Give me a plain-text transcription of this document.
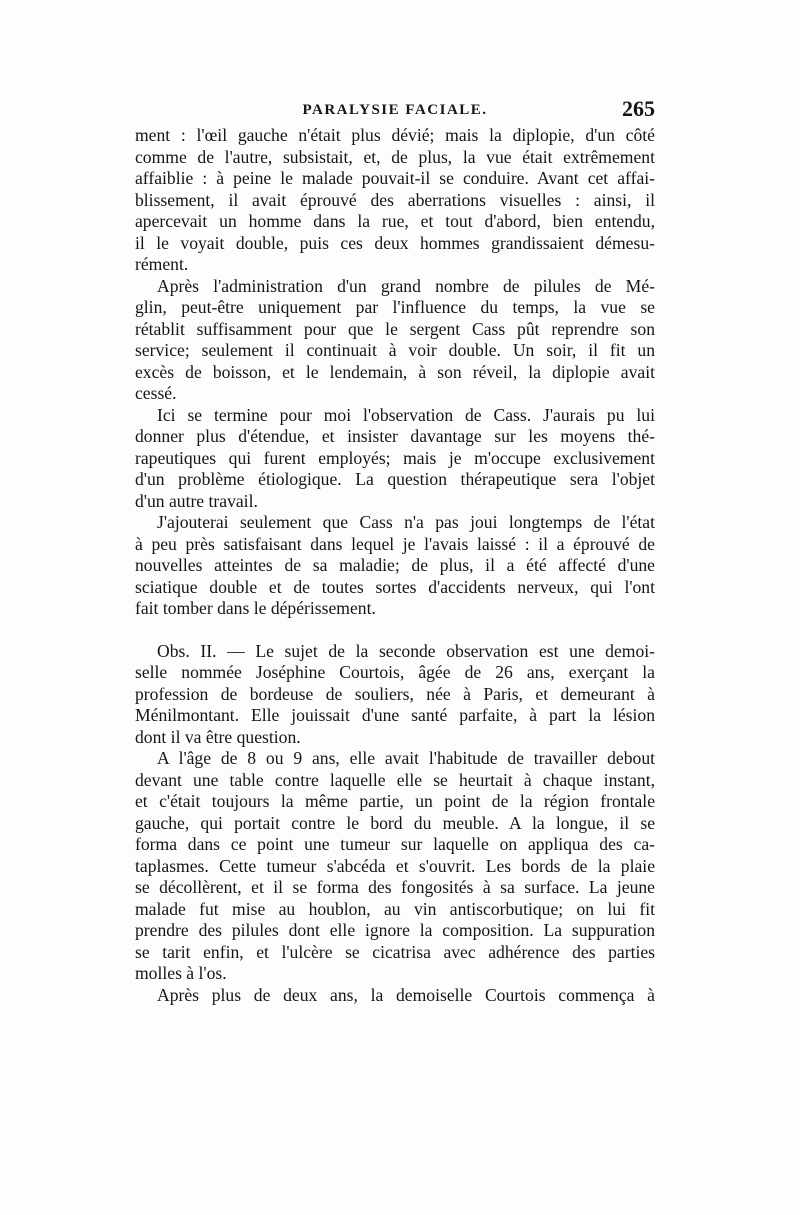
PARALYSIE FACIALE.	265
ment : l'œil gauche n'était plus dévié; mais la diplopie, d'un côté
comme de l'autre, subsistait, et, de plus, la vue était extrêmement
affaiblie : à peine le malade pouvait-il se conduire. Avant cet affai-
blissement, il avait éprouvé des aberrations visuelles : ainsi, il
apercevait un homme dans la rue, et tout d'abord, bien entendu,
il le voyait double, puis ces deux hommes grandissaient démesu-
rément.
Après l'administration d'un grand nombre de pilules de Mé-
glin, peut-être uniquement par l'influence du temps, la vue se
rétablit suffisamment pour que le sergent Cass pût reprendre son
service; seulement il continuait à voir double. Un soir, il fit un
excès de boisson, et le lendemain, à son réveil, la diplopie avait
cessé.
Ici se termine pour moi l'observation de Cass. J'aurais pu lui
donner plus d'étendue, et insister davantage sur les moyens thé-
rapeutiques qui furent employés; mais je m'occupe exclusivement
d'un problème étiologique. La question thérapeutique sera l'objet
d'un autre travail.
J'ajouterai seulement que Cass n'a pas joui longtemps de l'état
à peu près satisfaisant dans lequel je l'avais laissé : il a éprouvé de
nouvelles atteintes de sa maladie; de plus, il a été affecté d'une
sciatique double et de toutes sortes d'accidents nerveux, qui l'ont
fait tomber dans le dépérissement.
Obs. II. — Le sujet de la seconde observation est une demoi-
selle nommée Joséphine Courtois, âgée de 26 ans, exerçant la
profession de bordeuse de souliers, née à Paris, et demeurant à
Ménilmontant. Elle jouissait d'une santé parfaite, à part la lésion
dont il va être question.
A l'âge de 8 ou 9 ans, elle avait l'habitude de travailler debout
devant une table contre laquelle elle se heurtait à chaque instant,
et c'était toujours la même partie, un point de la région frontale
gauche, qui portait contre le bord du meuble. A la longue, il se
forma dans ce point une tumeur sur laquelle on appliqua des ca-
taplasmes. Cette tumeur s'abcéda et s'ouvrit. Les bords de la plaie
se décollèrent, et il se forma des fongosités à sa surface. La jeune
malade fut mise au houblon, au vin antiscorbutique; on lui fit
prendre des pilules dont elle ignore la composition. La suppuration
se tarit enfin, et l'ulcère se cicatrisa avec adhérence des parties
molles à l'os.
Après plus de deux ans, la demoiselle Courtois commença à
